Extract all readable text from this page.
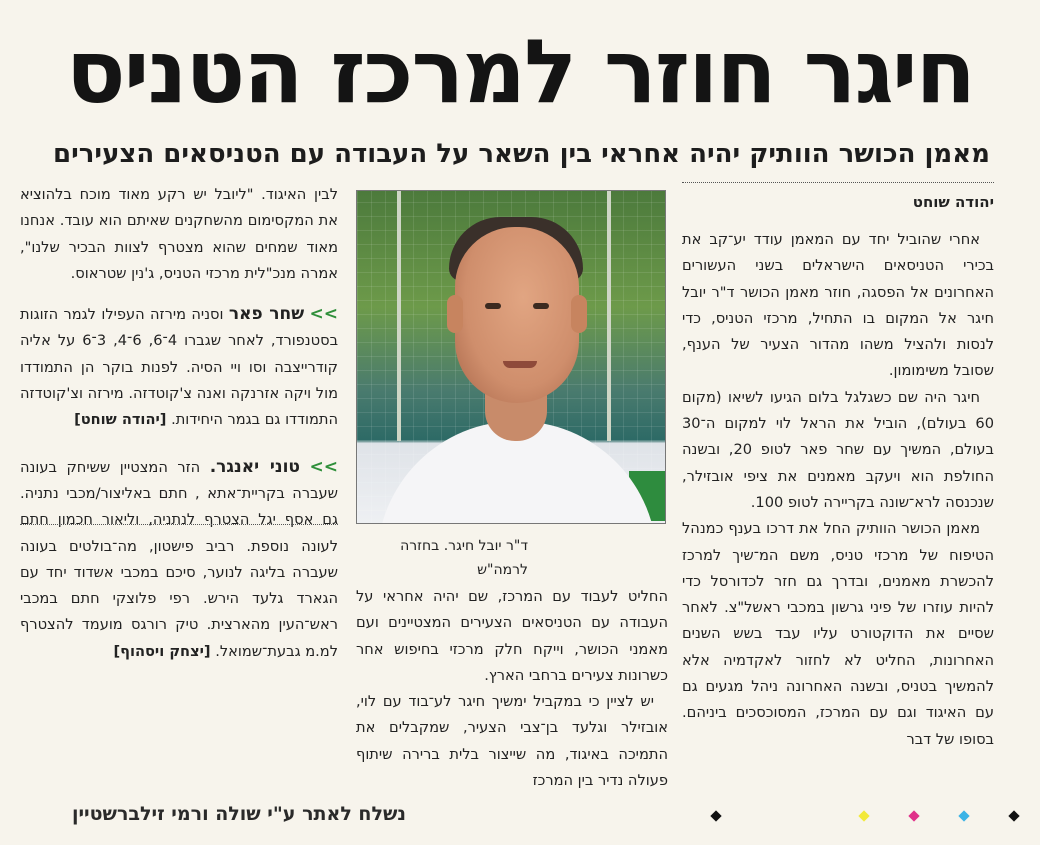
חיגר חוזר למרכז הטניס
מאמן הכושר הוותיק יהיה אחראי בין השאר על העבודה עם הטניסאים הצעירים
יהודה שוחט

אחרי שהוביל יחד עם המאמן עודד יע־קב את בכירי הטניסאים הישראלים בשני העשורים האחרונים אל הפסגה, חוזר מאמן הכושר ד"ר יובל חיגר אל המקום בו התחיל, מרכזי הטניס, כדי לנסות ולהציל משהו מהדור הצעיר של הענף, שסובל משימומון.

חיגר היה שם כשגלגל בלום הגיעו לשיאו (מקום 60 בעולם), הוביל את הראל לוי למקום ה־30 בעולם, המשיך עם שחר פאר לטופ 20, ובשנה החולפת הוא ויעקב מאמנים את ציפי אובזילר, שנכנסה לרא־שונה בקריירה לטופ 100.

מאמן הכושר הוותיק החל את דרכו בענף כמנהל הטיפוח של מרכזי טניס, משם המ־שיך למרכז להכשרת מאמנים, ובדרך גם חזר לכדורסל כדי להיות עוזרו של פיני גרשון במכבי ראשל"צ. לאחר שסיים את הדוקטורט עליו עבד בשש השנים האחרונות, החליט לא לחזור לאקדמיה אלא להמשיך בטניס, ובשנה האחרונה ניהל מגעים גם עם האיגוד וגם עם המרכז, המסוכסכים ביניהם. בסופו של דבר

ד"ר יובל חיגר. בחזרה לרמה"ש

החליט לעבוד עם המרכז, שם יהיה אחראי על העבודה עם הטניסאים הצעירים המצטיינים ועם מאמני הכושר, וייקח חלק מרכזי בחיפוש אחר כשרונות צעירים ברחבי הארץ.

יש לציין כי במקביל ימשיך חיגר לע־בוד עם לוי, אובזילר וגלעד בן־צבי הצעיר, שמקבלים את התמיכה באיגוד, מה שייצור בלית ברירה שיתוף פעולה נדיר בין המרכז

לבין האיגוד. "ליובל יש רקע מאוד מוכח בלהוציא את המקסימום מהשחקנים שאיתם הוא עובד. אנחנו מאוד שמחים שהוא מצטרף לצוות הבכיר שלנו", אמרה מנכ"לית מרכזי הטניס, ג'נין שטראוס.

>> שחר פאר וסניה מירזה העפילו לגמר הזוגות בסטנפורד, לאחר שגברו 4־6, 6־4, 3־6 על אליה קודרייצבה וסו ויי הסיה. לפנות בוקר הן התמודדו מול ויקה אזרנקה ואנה צ'קוטדזה. מירזה וצ'קוטדזה התמודדו גם בגמר היחידות. [יהודה שוחט]

>> טוני יאנגר. הזר המצטיין ששיחק בעונה שעברה בקריית־אתא , חתם באליצור/מכבי נתניה. גם אסף יגל הצטרף לנתניה, וליאור חכמון חתם לעונה נוספת. רביב פישטון, מה־בולטים בעונה שעברה בליגה לנוער, סיכם במכבי אשדוד יחד עם הגארד גלעד הירש. רפי פלוצקי חתם במכבי ראש־העין מהארצית. טיק רורגס מועמד להצטרף למ.מ גבעת־שמואל. [יצחק ויסהוף]

נשלח לאתר ע"י שולה ורמי זילברשטיין
